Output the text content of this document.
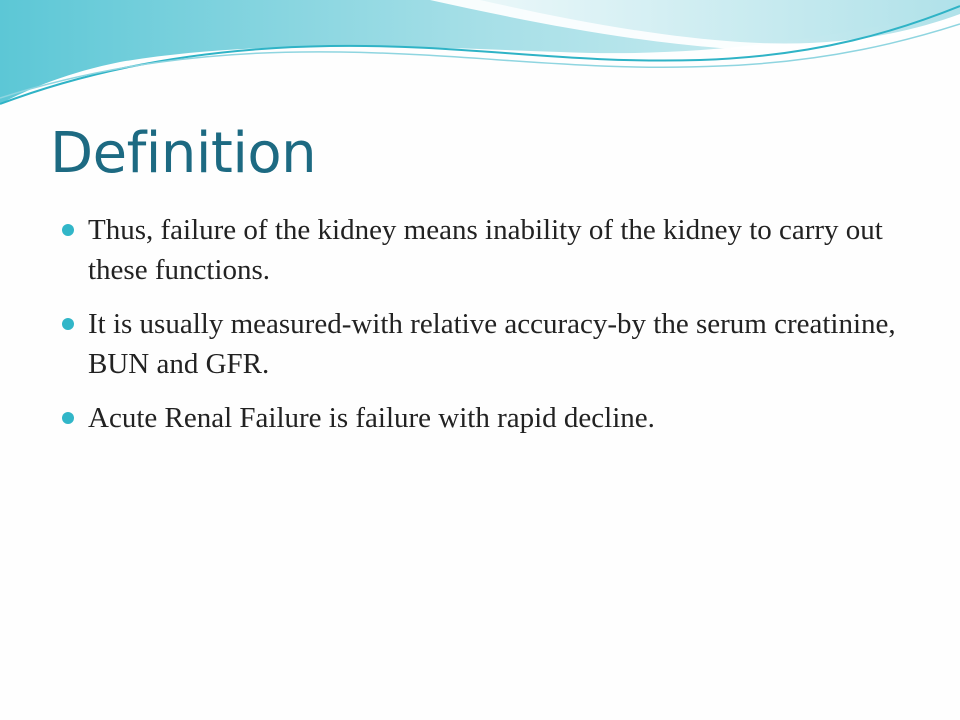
Definition
Thus, failure of the kidney means inability of the kidney to carry out these functions.
It is usually measured-with relative accuracy-by the serum creatinine, BUN and GFR.
Acute Renal Failure is failure with rapid decline.
